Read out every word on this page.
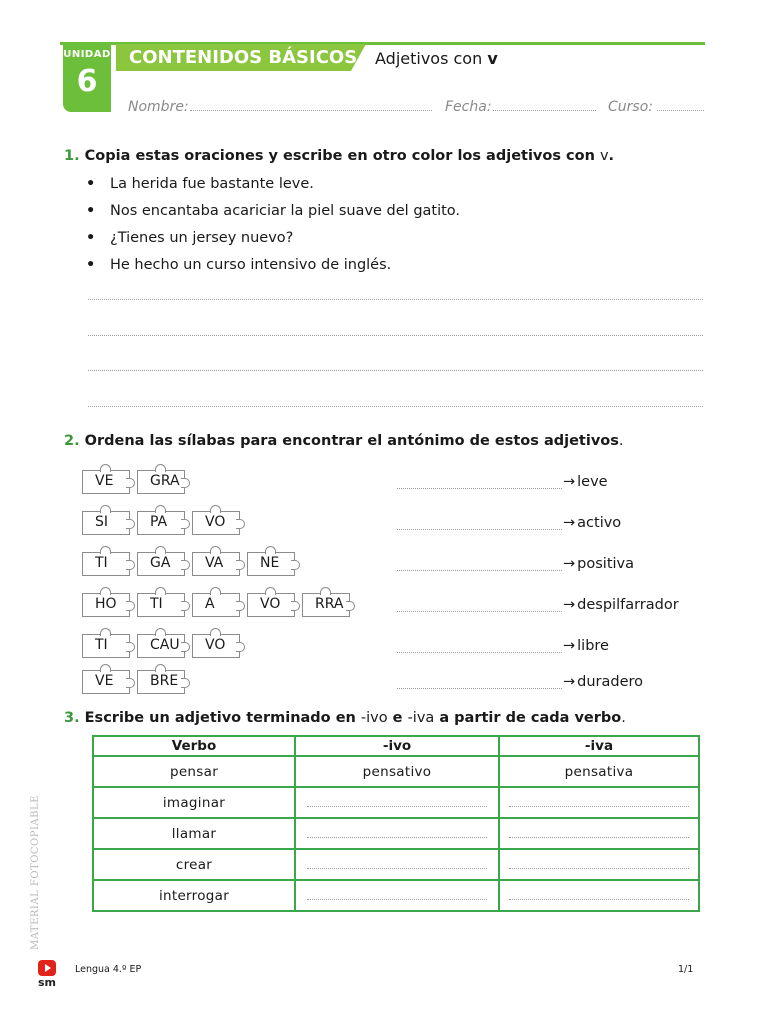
UNIDAD
6
CONTENIDOS BÁSICOS Adjetivos con v
Nombre:	Fecha:	Curso:
1. Copia estas oraciones y escribe en otro color los adjetivos con v.
• La herida fue bastante leve.
• Nos encantaba acariciar la piel suave del gatito.
• ¿Tienes un jersey nuevo?
• He hecho un curso intensivo de inglés.
2. Ordena las sílabas para encontrar el antónimo de estos adjetivos.
VE	GRA	→ leve
SI	PA	VO	→ activo
TI	GA	VA	NE	→ positiva
HO	TI	A	VO	RRA	→ despilfarrador
TI	CAU	VO	→ libre
VE	BRE	→ duradero
3. Escribe un adjetivo terminado en -ivo e -iva a partir de cada verbo.
Verbo	-ivo	-iva
pensar	pensativo	pensativa
imaginar		
llamar		
crear		
interrogar		
MATERIAL FOTOCOPIABLE
sm
Lengua 4.º EP	1/1
